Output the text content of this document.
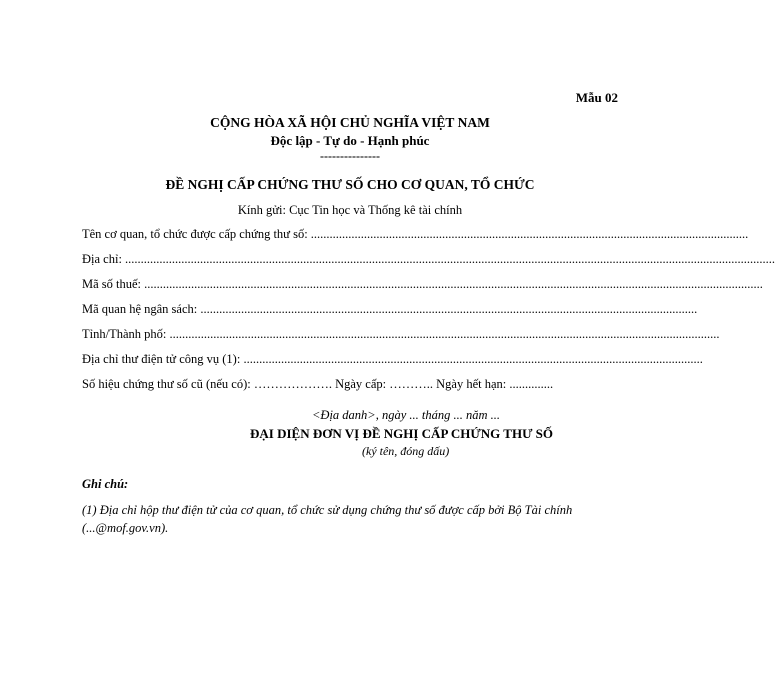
Mẫu 02
CỘNG HÒA XÃ HỘI CHỦ NGHĨA VIỆT NAM
Độc lập - Tự do - Hạnh phúc
---------------
ĐỀ NGHỊ CẤP CHỨNG THƯ SỐ CHO CƠ QUAN, TỔ CHỨC
Kính gửi: Cục Tin học và Thống kê tài chính
Tên cơ quan, tổ chức được cấp chứng thư số: ............................................................................................................................................
Địa chỉ: ................................................................................................................................................................................................................
Mã số thuế: ......................................................................................................................................................................................................
Mã quan hệ ngân sách: ...............................................................................................................................................................
Tỉnh/Thành phố: ................................................................................................................................................................................
Địa chỉ thư điện tử công vụ (1): ...................................................................................................................................................
Số hiệu chứng thư số cũ (nếu có): ………………. Ngày cấp: ……….. Ngày hết hạn: ..............
<Địa danh>, ngày ... tháng ... năm ...
ĐẠI DIỆN ĐƠN VỊ ĐỀ NGHỊ CẤP CHỨNG THƯ SỐ
(ký tên, đóng dấu)
Ghi chú:
(1) Địa chỉ hộp thư điện tử của cơ quan, tổ chức sử dụng chứng thư số được cấp bởi Bộ Tài chính (...@mof.gov.vn).
